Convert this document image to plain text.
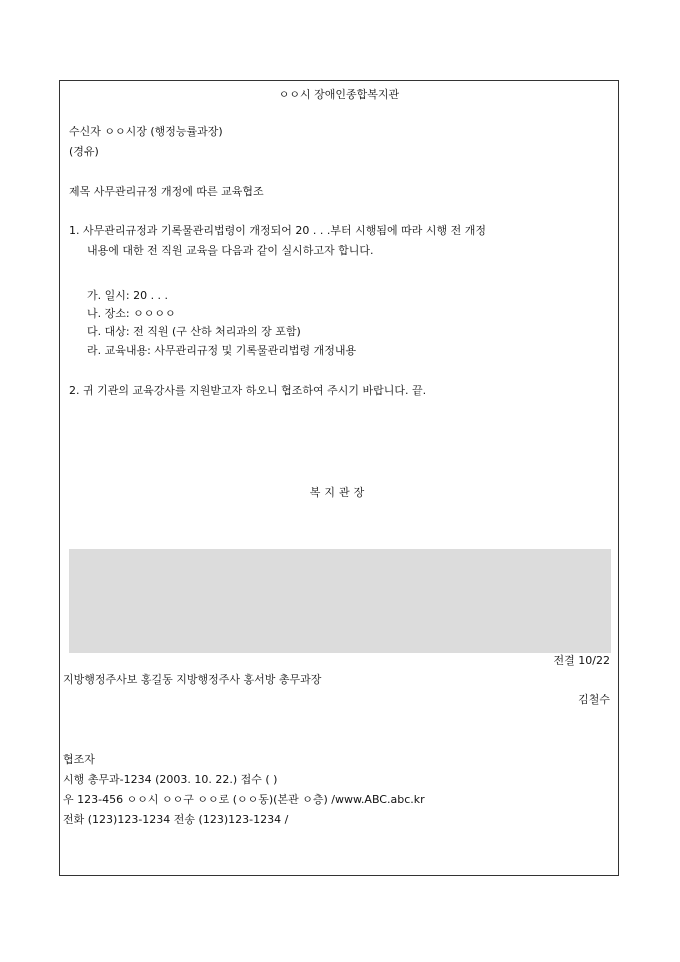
ㅇㅇ시 장애인종합복지관
수신자 ㅇㅇ시장 (행정능률과장)
(경유)
제목 사무관리규정 개정에 따른 교육협조
1. 사무관리규정과 기록물관리법령이 개정되어 20 . . .부터 시행됨에 따라 시행 전 개정
내용에 대한 전 직원 교육을 다음과 같이 실시하고자 합니다.
가. 일시: 20 . . .
나. 장소: ㅇㅇㅇㅇ
다. 대상: 전 직원 (구 산하 처리과의 장 포함)
라. 교육내용: 사무관리규정 및 기록물관리법령 개정내용
2. 귀 기관의 교육강사를 지원받고자 하오니 협조하여 주시기 바랍니다. 끝.
복지관장
전결 10/22
지방행정주사보 홍길동 지방행정주사 홍서방 총무과장
김철수
협조자
시행 총무과-1234 (2003. 10. 22.) 접수 ( )
우 123-456 ㅇㅇ시 ㅇㅇ구 ㅇㅇ로 (ㅇㅇ동)(본관 ㅇ층) /www.ABC.abc.kr
전화 (123)123-1234 전송 (123)123-1234 /
